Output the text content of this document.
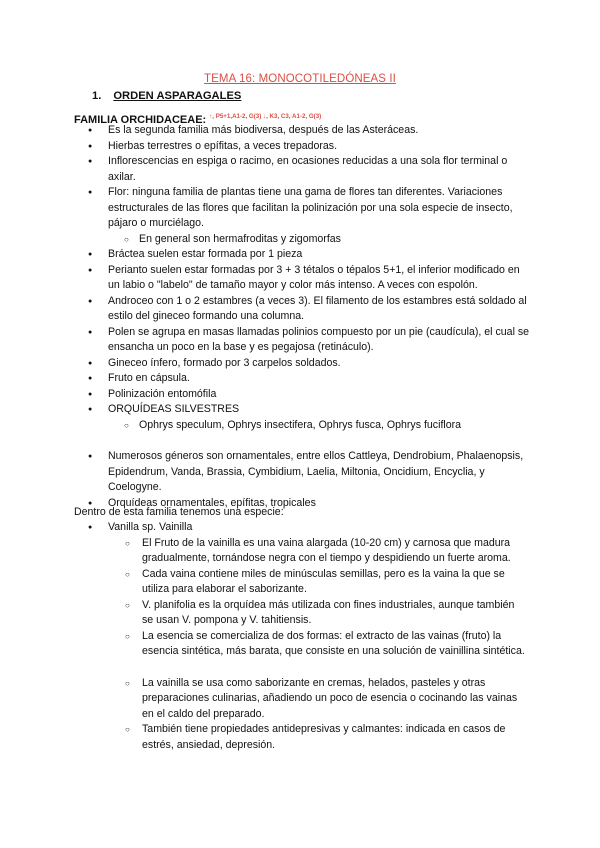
TEMA 16: MONOCOTILEDÓNEAS II
1. ORDEN ASPARAGALES
FAMILIA ORCHIDACEAE: $^{↑, P5+1,A1-2, G(3) ↓, K3, C3, A1-2, G(3)}$
● Es la segunda familia más biodiversa, después de las Asteráceas.
● Hierbas terrestres o epífitas, a veces trepadoras.
● Inflorescencias en espiga o racimo, en ocasiones reducidas a una sola flor terminal o axilar.
● Flor: ninguna familia de plantas tiene una gama de flores tan diferentes. Variaciones estructurales de las flores que facilitan la polinización por una sola especie de insecto, pájaro o murciélago.
○ En general son hermafroditas y zigomorfas
● Bráctea suelen estar formada por 1 pieza
● Perianto suelen estar formadas por 3 + 3 tétalos o tépalos 5+1, el inferior modificado en un labio o "labelo" de tamaño mayor y color más intenso. A veces con espolón.
● Androceo con 1 o 2 estambres (a veces 3). El filamento de los estambres está soldado al estilo del gineceo formando una columna.
● Polen se agrupa en masas llamadas polinios compuesto por un pie (caudícula), el cual se ensancha un poco en la base y es pegajosa (retináculo).
● Gineceo ínfero, formado por 3 carpelos soldados.
● Fruto en cápsula.
● Polinización entomófila
● ORQUÍDEAS SILVESTRES
○ Ophrys speculum, Ophrys insectifera, Ophrys fusca, Ophrys fuciflora
● Numerosos géneros son ornamentales, entre ellos Cattleya, Dendrobium, Phalaenopsis, Epidendrum, Vanda, Brassia, Cymbidium, Laelia, Miltonia, Oncidium, Encyclia, y Coelogyne.
● Orquídeas ornamentales, epífitas, tropicales
Dentro de esta familia tenemos una especie:
● Vanilla sp. Vainilla
○ El Fruto de la vainilla es una vaina alargada (10-20 cm) y carnosa que madura gradualmente, tornándose negra con el tiempo y despidiendo un fuerte aroma.
○ Cada vaina contiene miles de minúsculas semillas, pero es la vaina la que se utiliza para elaborar el saborizante.
○ V. planifolia es la orquídea más utilizada con fines industriales, aunque también se usan V. pompona y V. tahitiensis.
○ La esencia se comercializa de dos formas: el extracto de las vainas (fruto) la esencia sintética, más barata, que consiste en una solución de vainillina sintética.
○ La vainilla se usa como saborizante en cremas, helados, pasteles y otras preparaciones culinarias, añadiendo un poco de esencia o cocinando las vainas en el caldo del preparado.
○ También tiene propiedades antidepresivas y calmantes: indicada en casos de estrés, ansiedad, depresión.
